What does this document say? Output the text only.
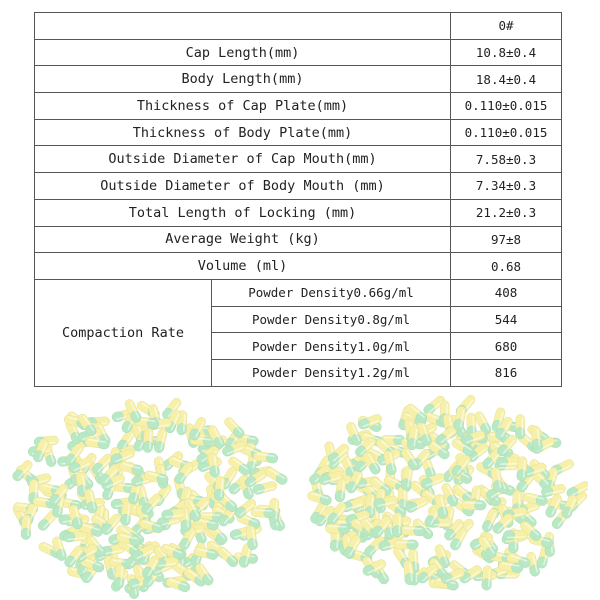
		0#
Cap Length(mm)		10.8±0.4
Body Length(mm)		18.4±0.4
Thickness of Cap Plate(mm)		0.110±0.015
Thickness of Body Plate(mm)		0.110±0.015
Outside Diameter of Cap Mouth(mm)		7.58±0.3
Outside Diameter of Body Mouth (mm)		7.34±0.3
Total Length of Locking (mm)		21.2±0.3
Average Weight (kg)		97±8
Volume (ml)		0.68
Compaction Rate	Powder Density0.66g/ml	408
	Powder Density0.8g/ml	544
	Powder Density1.0g/ml	680
	Powder Density1.2g/ml	816
